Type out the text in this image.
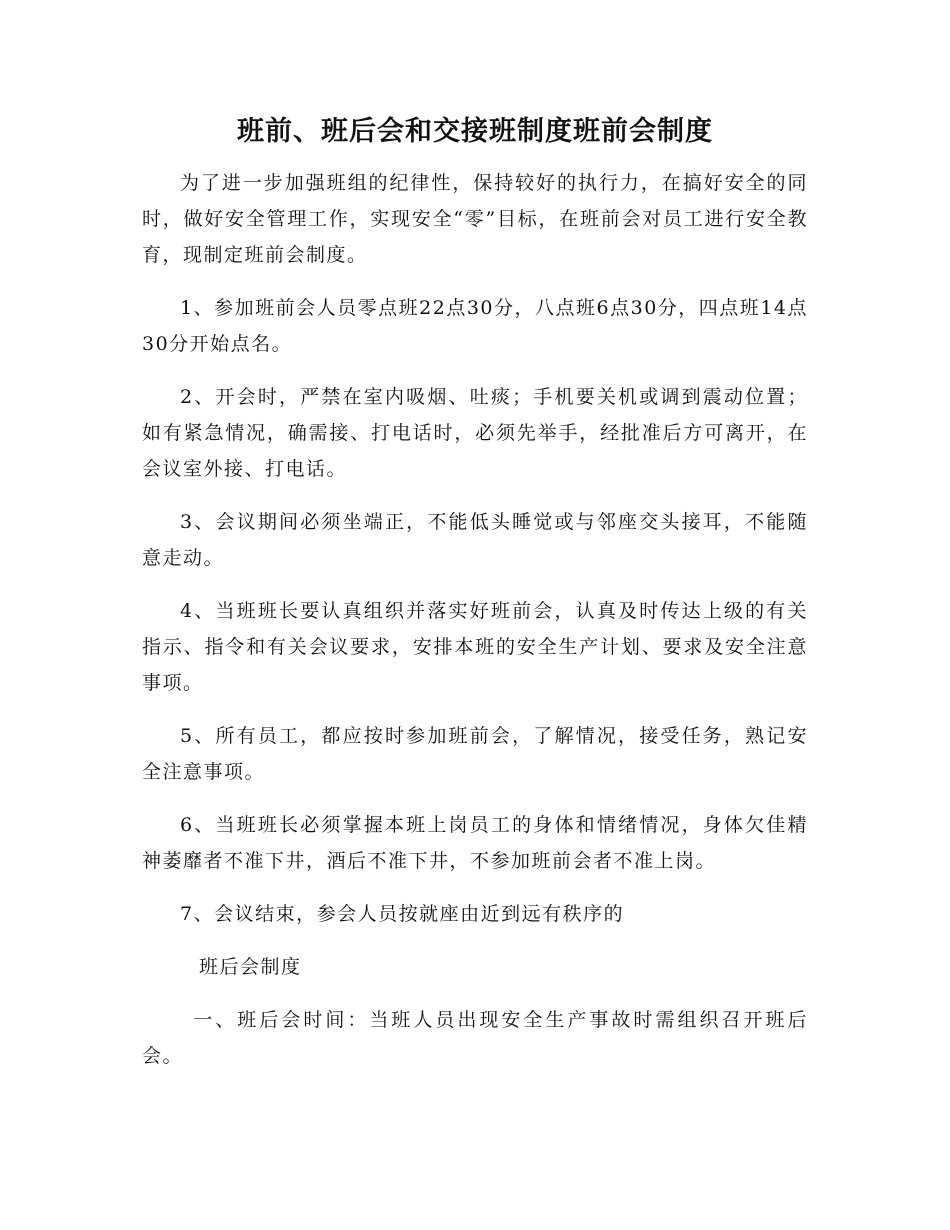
班前、班后会和交接班制度班前会制度

为了进一步加强班组的纪律性，保持较好的执行力，在搞好安全的同时，做好安全管理工作，实现安全“零”目标，在班前会对员工进行安全教育，现制定班前会制度。

1、参加班前会人员零点班22点30分，八点班6点30分，四点班14点30分开始点名。

2、开会时，严禁在室内吸烟、吐痰；手机要关机或调到震动位置；如有紧急情况，确需接、打电话时，必须先举手，经批准后方可离开，在会议室外接、打电话。

3、会议期间必须坐端正，不能低头睡觉或与邻座交头接耳，不能随意走动。

4、当班班长要认真组织并落实好班前会，认真及时传达上级的有关指示、指令和有关会议要求，安排本班的安全生产计划、要求及安全注意事项。

5、所有员工，都应按时参加班前会，了解情况，接受任务，熟记安全注意事项。

6、当班班长必须掌握本班上岗员工的身体和情绪情况，身体欠佳精神萎靡者不准下井，酒后不准下井，不参加班前会者不准上岗。

7、会议结束，参会人员按就座由近到远有秩序的

班后会制度

一、班后会时间：当班人员出现安全生产事故时需组织召开班后会。
